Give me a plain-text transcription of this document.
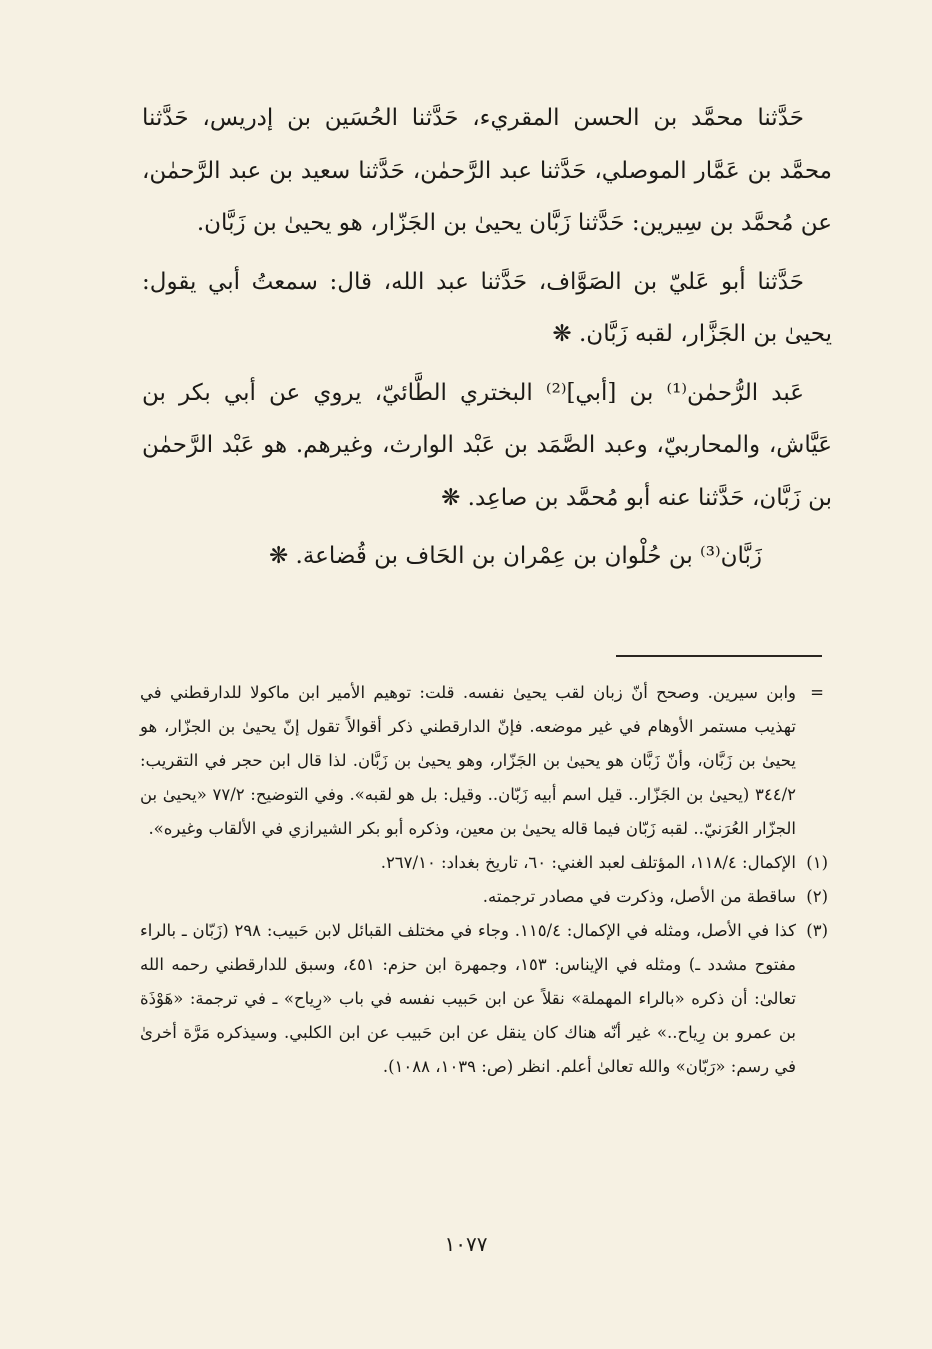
حَدَّثنا محمَّد بن الحسن المقريء، حَدَّثنا الحُسَين بن إدريس، حَدَّثنا محمَّد بن عَمَّار الموصلي، حَدَّثنا عبد الرَّحمٰن، حَدَّثنا سعيد بن عبد الرَّحمٰن، عن مُحمَّد بن سِيرين: حَدَّثنا زَبَّان يحيىٰ بن الجَزّار، هو يحيىٰ بن زَبَّان.

حَدَّثنا أبو عَليّ بن الصَوَّاف، حَدَّثنا عبد الله، قال: سمعتُ أبي يقول: يحيىٰ بن الجَزَّار، لقبه زَبَّان. ❋

عَبد الرُّحمٰن⁽¹⁾ بن [أبي]⁽²⁾ البختري الطَّائيّ، يروي عن أبي بكر بن عَيَّاش، والمحاربيّ، وعبد الصَّمَد بن عَبْد الوارث، وغيرهم. هو عَبْد الرَّحمٰن بن زَبَّان، حَدَّثنا عنه أبو مُحمَّد بن صاعِد. ❋

زَبَّان⁽³⁾ بن حُلْوان بن عِمْران بن الحَاف بن قُضاعة. ❋

=
وابن سيرين. وصحح أنّ زبان لقب يحيىٰ نفسه. قلت: توهيم الأمير ابن ماكولا للدارقطني في تهذيب مستمر الأوهام في غير موضعه. فإنّ الدارقطني ذكر أقوالاً تقول إنّ يحيىٰ بن الجزّار، هو يحيىٰ بن زَبَّان، وأنّ زَبَّان هو يحيىٰ بن الجَزّار، وهو يحيىٰ بن زَبَّان. لذا قال ابن حجر في التقريب: ٣٤٤/٢ (يحيىٰ بن الجَزّار.. قيل اسم أبيه زَبّان.. وقيل: بل هو لقبه». وفي التوضيح: ٧٧/٢ «يحيىٰ بن الجزّار العُرَنيّ.. لقبه زَبّان فيما قاله يحيىٰ بن معين، وذكره أبو بكر الشيرازي في الألقاب وغيره».
(١)
الإكمال: ١١٨/٤، المؤتلف لعبد الغني: ٦٠، تاريخ بغداد: ٢٦٧/١٠.
(٢)
ساقطة من الأصل، وذكرت في مصادر ترجمته.
(٣)
كذا في الأصل، ومثله في الإكمال: ١١٥/٤. وجاء في مختلف القبائل لابن حَبيب: ٢٩٨ (زَبّان ـ بالراء مفتوح مشدد ـ) ومثله في الإيناس: ١٥٣، وجمهرة ابن حزم: ٤٥١، وسبق للدارقطني رحمه الله تعالىٰ: أن ذكره «بالراء المهملة» نقلاً عن ابن حَبيب نفسه في باب «رِياح» ـ في ترجمة: «هَوْذَة بن عمرو بن رِياح..» غير أنّه هناك كان ينقل عن ابن حَبيب عن ابن الكلبي. وسيذكره مَرَّة أخرىٰ في رسم: «رَبّان» والله تعالىٰ أعلم. انظر (ص: ١٠٣٩، ١٠٨٨).
١٠٧٧
